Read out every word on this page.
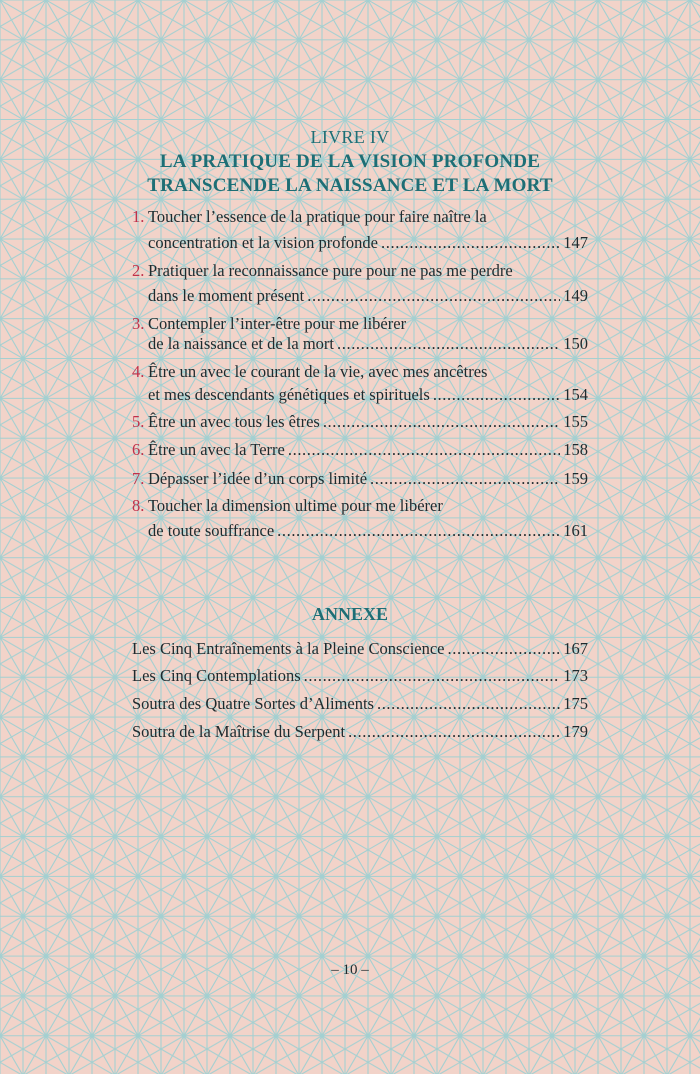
LIVRE IV
LA PRATIQUE DE LA VISION PROFONDE
TRANSCENDE LA NAISSANCE ET LA MORT
1. Toucher l’essence de la pratique pour faire naître la
concentration et la vision profonde .....	147
2. Pratiquer la reconnaissance pure pour ne pas me perdre
dans le moment présent .....	149
3. Contempler l’inter-être pour me libérer
de la naissance et de la mort .....	150
4. Être un avec le courant de la vie, avec mes ancêtres
et mes descendants génétiques et spirituels .....	154
5. Être un avec tous les êtres .....	155
6. Être un avec la Terre .....	158
7. Dépasser l’idée d’un corps limité .....	159
8. Toucher la dimension ultime pour me libérer
de toute souffrance .....	161
ANNEXE
Les Cinq Entraînements à la Pleine Conscience .....	167
Les Cinq Contemplations .....	173
Soutra des Quatre Sortes d’Aliments .....	175
Soutra de la Maîtrise du Serpent .....	179
– 10 –
